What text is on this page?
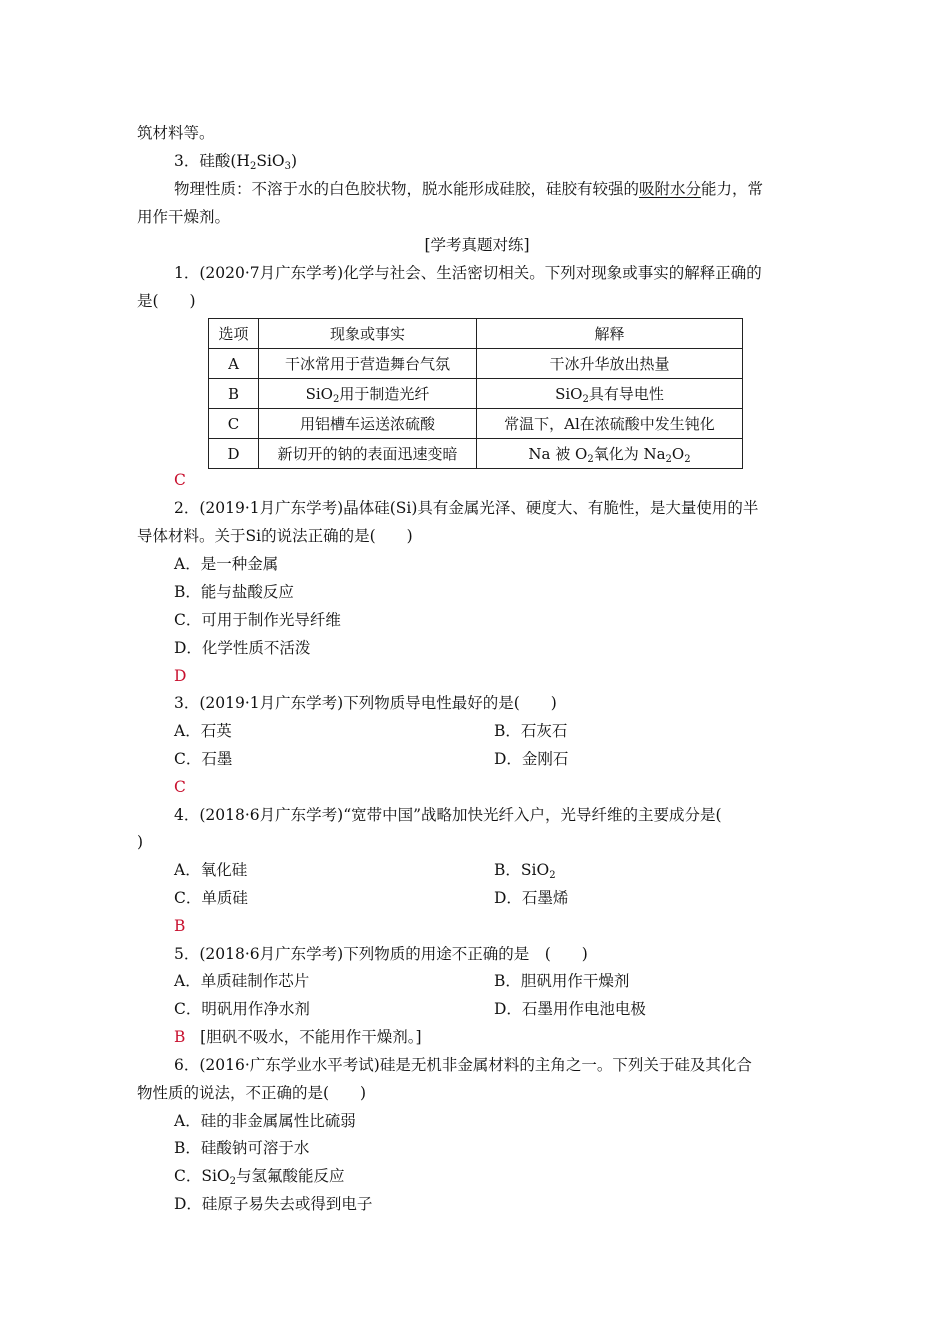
筑材料等。
3．硅酸$(H_2SiO_3)$
物理性质：不溶于水的白色胶状物，脱水能形成硅胶，硅胶有较强的吸附水分能力，常
用作干燥剂。
[学考真题对练]
1．(2020·7月广东学考)化学与社会、生活密切相关。下列对现象或事实的解释正确的
是(　　)
选项	现象或事实	解释
A	干冰常用于营造舞台气氛	干冰升华放出热量
B	SiO$_2$用于制造光纤	SiO$_2$具有导电性
C	用铝槽车运送浓硫酸	常温下，Al在浓硫酸中发生钝化
D	新切开的钠的表面迅速变暗	Na 被 $O_2$氧化为 $Na_2O_2$
C
2．(2019·1月广东学考)晶体硅(Si)具有金属光泽、硬度大、有脆性，是大量使用的半
导体材料。关于Si的说法正确的是(　　)
A．是一种金属
B．能与盐酸反应
C．可用于制作光导纤维
D．化学性质不活泼
D
3．(2019·1月广东学考)下列物质导电性最好的是(　　)
A．石英	B．石灰石
C．石墨	D．金刚石
C
4．(2018·6月广东学考)“宽带中国”战略加快光纤入户，光导纤维的主要成分是(
)
A．氧化硅	B．SiO$_2$
C．单质硅	D．石墨烯
B
5．(2018·6月广东学考)下列物质的用途不正确的是　(　　)
A．单质硅制作芯片	B．胆矾用作干燥剂
C．明矾用作净水剂	D．石墨用作电池电极
B [胆矾不吸水，不能用作干燥剂。]
6．(2016·广东学业水平考试)硅是无机非金属材料的主角之一。下列关于硅及其化合
物性质的说法，不正确的是(　　)
A．硅的非金属属性比硫弱
B．硅酸钠可溶于水
C．SiO$_2$与氢氟酸能反应
D．硅原子易失去或得到电子
